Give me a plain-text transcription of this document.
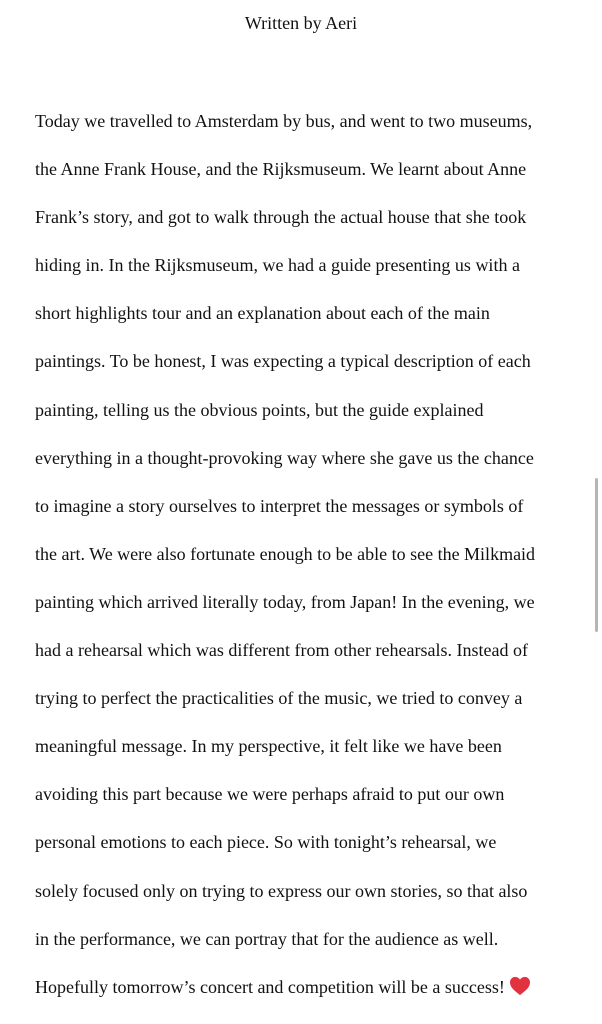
Written by Aeri
Today we travelled to Amsterdam by bus, and went to two museums,
the Anne Frank House, and the Rijksmuseum. We learnt about Anne
Frank’s story, and got to walk through the actual house that she took
hiding in. In the Rijksmuseum, we had a guide presenting us with a
short highlights tour and an explanation about each of the main
paintings. To be honest, I was expecting a typical description of each
painting, telling us the obvious points, but the guide explained
everything in a thought-provoking way where she gave us the chance
to imagine a story ourselves to interpret the messages or symbols of
the art. We were also fortunate enough to be able to see the Milkmaid
painting which arrived literally today, from Japan! In the evening, we
had a rehearsal which was different from other rehearsals. Instead of
trying to perfect the practicalities of the music, we tried to convey a
meaningful message. In my perspective, it felt like we have been
avoiding this part because we were perhaps afraid to put our own
personal emotions to each piece. So with tonight’s rehearsal, we
solely focused only on trying to express our own stories, so that also
in the performance, we can portray that for the audience as well.
Hopefully tomorrow’s concert and competition will be a success!
